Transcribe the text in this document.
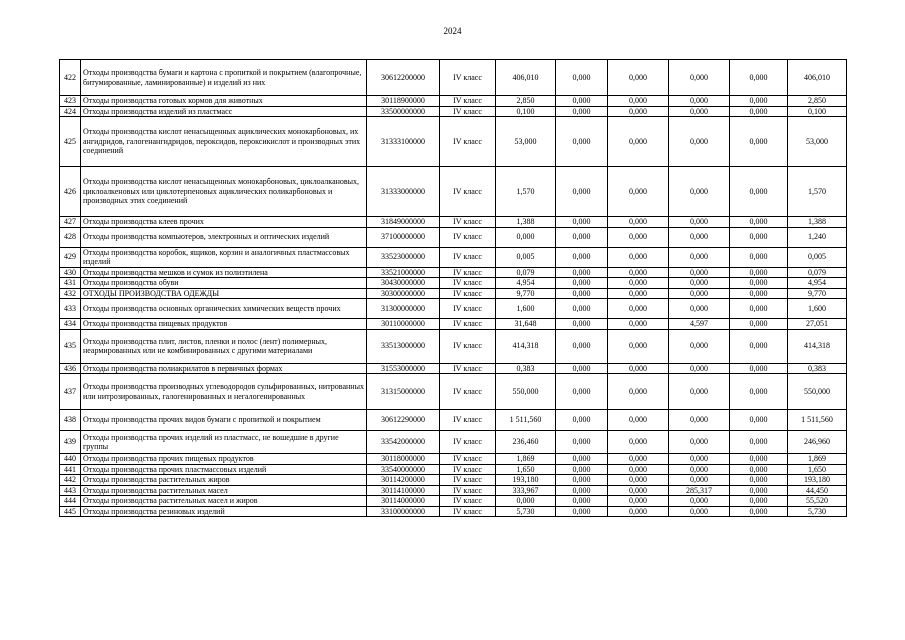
2024
422	Отходы производства бумаги и картона с пропиткой и покрытием (влагопрочные, битумированные, ламинированные) и изделий из них	30612200000	IV класс	406,010	0,000	0,000	0,000	0,000	406,010
423	Отходы производства готовых кормов для животных	30118900000	IV класс	2,850	0,000	0,000	0,000	0,000	2,850
424	Отходы производства изделий из пластмасс	33500000000	IV класс	0,100	0,000	0,000	0,000	0,000	0,100
425	Отходы производства кислот ненасыщенных ациклических монокарбоновых, их ангидридов, галогенангидридов, пероксидов, пероксикислот и производных этих соединений	31333100000	IV класс	53,000	0,000	0,000	0,000	0,000	53,000
426	Отходы производства кислот ненасыщенных монокарбоновых, циклоалкановых, циклоалкеновых или циклотерпеновых ациклических поликарбоновых и производных этих соединений	31333000000	IV класс	1,570	0,000	0,000	0,000	0,000	1,570
427	Отходы производства клеев прочих	31849000000	IV класс	1,388	0,000	0,000	0,000	0,000	1,388
428	Отходы производства компьютеров, электронных и оптических изделий	37100000000	IV класс	0,000	0,000	0,000	0,000	0,000	1,240
429	Отходы производства коробок, ящиков, корзин и аналогичных пластмассовых изделий	33523000000	IV класс	0,005	0,000	0,000	0,000	0,000	0,005
430	Отходы производства мешков и сумок из полиэтилена	33521000000	IV класс	0,079	0,000	0,000	0,000	0,000	0,079
431	Отходы производства обуви	30430000000	IV класс	4,954	0,000	0,000	0,000	0,000	4,954
432	ОТХОДЫ ПРОИЗВОДСТВА ОДЕЖДЫ	30300000000	IV класс	9,770	0,000	0,000	0,000	0,000	9,770
433	Отходы производства основных органических химических веществ прочих	31300000000	IV класс	1,600	0,000	0,000	0,000	0,000	1,600
434	Отходы производства пищевых продуктов	30110000000	IV класс	31,648	0,000	0,000	4,597	0,000	27,051
435	Отходы производства плит, листов, пленки и полос (лент) полимерных, неармированных или не комбинированных с другими материалами	33513000000	IV класс	414,318	0,000	0,000	0,000	0,000	414,318
436	Отходы производства полиакрилатов в первичных формах	31553000000	IV класс	0,383	0,000	0,000	0,000	0,000	0,383
437	Отходы производства производных углеводородов сульфированных, нитрованных или нитрозированных, галогенированных и негалогенированных	31315000000	IV класс	550,000	0,000	0,000	0,000	0,000	550,000
438	Отходы производства прочих видов бумаги с пропиткой и покрытием	30612290000	IV класс	1 511,560	0,000	0,000	0,000	0,000	1 511,560
439	Отходы производства прочих изделий из пластмасс, не вошедшие в другие группы	33542000000	IV класс	236,460	0,000	0,000	0,000	0,000	246,960
440	Отходы производства прочих пищевых продуктов	30118000000	IV класс	1,869	0,000	0,000	0,000	0,000	1,869
441	Отходы производства прочих пластмассовых изделий	33540000000	IV класс	1,650	0,000	0,000	0,000	0,000	1,650
442	Отходы производства растительных жиров	30114200000	IV класс	193,180	0,000	0,000	0,000	0,000	193,180
443	Отходы производства растительных масел	30114100000	IV класс	333,967	0,000	0,000	285,317	0,000	44,450
444	Отходы производства растительных масел и жиров	30114000000	IV класс	0,000	0,000	0,000	0,000	0,000	55,520
445	Отходы производства резиновых изделий	33100000000	IV класс	5,730	0,000	0,000	0,000	0,000	5,730
